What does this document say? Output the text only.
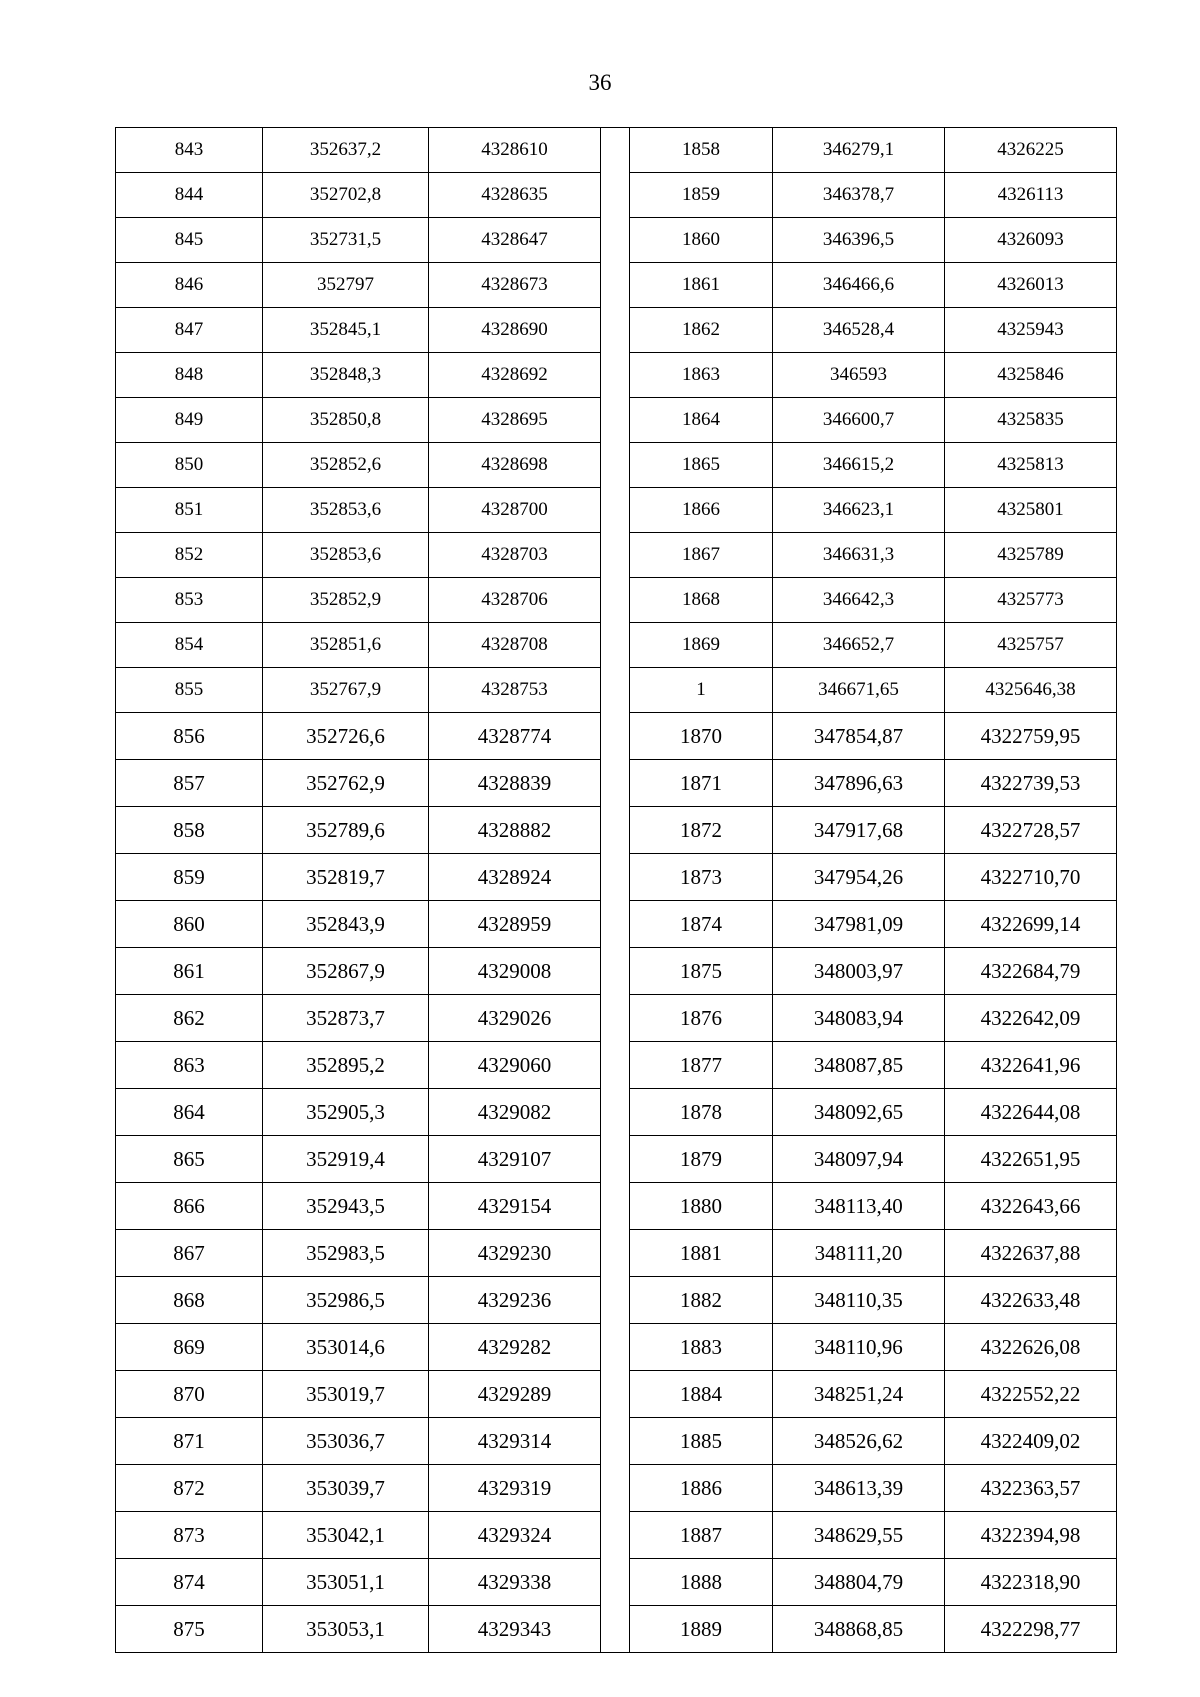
36
843	352637,2	4328610		1858	346279,1	4326225
844	352702,8	4328635		1859	346378,7	4326113
845	352731,5	4328647		1860	346396,5	4326093
846	352797	4328673		1861	346466,6	4326013
847	352845,1	4328690		1862	346528,4	4325943
848	352848,3	4328692		1863	346593	4325846
849	352850,8	4328695		1864	346600,7	4325835
850	352852,6	4328698		1865	346615,2	4325813
851	352853,6	4328700		1866	346623,1	4325801
852	352853,6	4328703		1867	346631,3	4325789
853	352852,9	4328706		1868	346642,3	4325773
854	352851,6	4328708		1869	346652,7	4325757
855	352767,9	4328753		1	346671,65	4325646,38
856	352726,6	4328774		1870	347854,87	4322759,95
857	352762,9	4328839		1871	347896,63	4322739,53
858	352789,6	4328882		1872	347917,68	4322728,57
859	352819,7	4328924		1873	347954,26	4322710,70
860	352843,9	4328959		1874	347981,09	4322699,14
861	352867,9	4329008		1875	348003,97	4322684,79
862	352873,7	4329026		1876	348083,94	4322642,09
863	352895,2	4329060		1877	348087,85	4322641,96
864	352905,3	4329082		1878	348092,65	4322644,08
865	352919,4	4329107		1879	348097,94	4322651,95
866	352943,5	4329154		1880	348113,40	4322643,66
867	352983,5	4329230		1881	348111,20	4322637,88
868	352986,5	4329236		1882	348110,35	4322633,48
869	353014,6	4329282		1883	348110,96	4322626,08
870	353019,7	4329289		1884	348251,24	4322552,22
871	353036,7	4329314		1885	348526,62	4322409,02
872	353039,7	4329319		1886	348613,39	4322363,57
873	353042,1	4329324		1887	348629,55	4322394,98
874	353051,1	4329338		1888	348804,79	4322318,90
875	353053,1	4329343		1889	348868,85	4322298,77
